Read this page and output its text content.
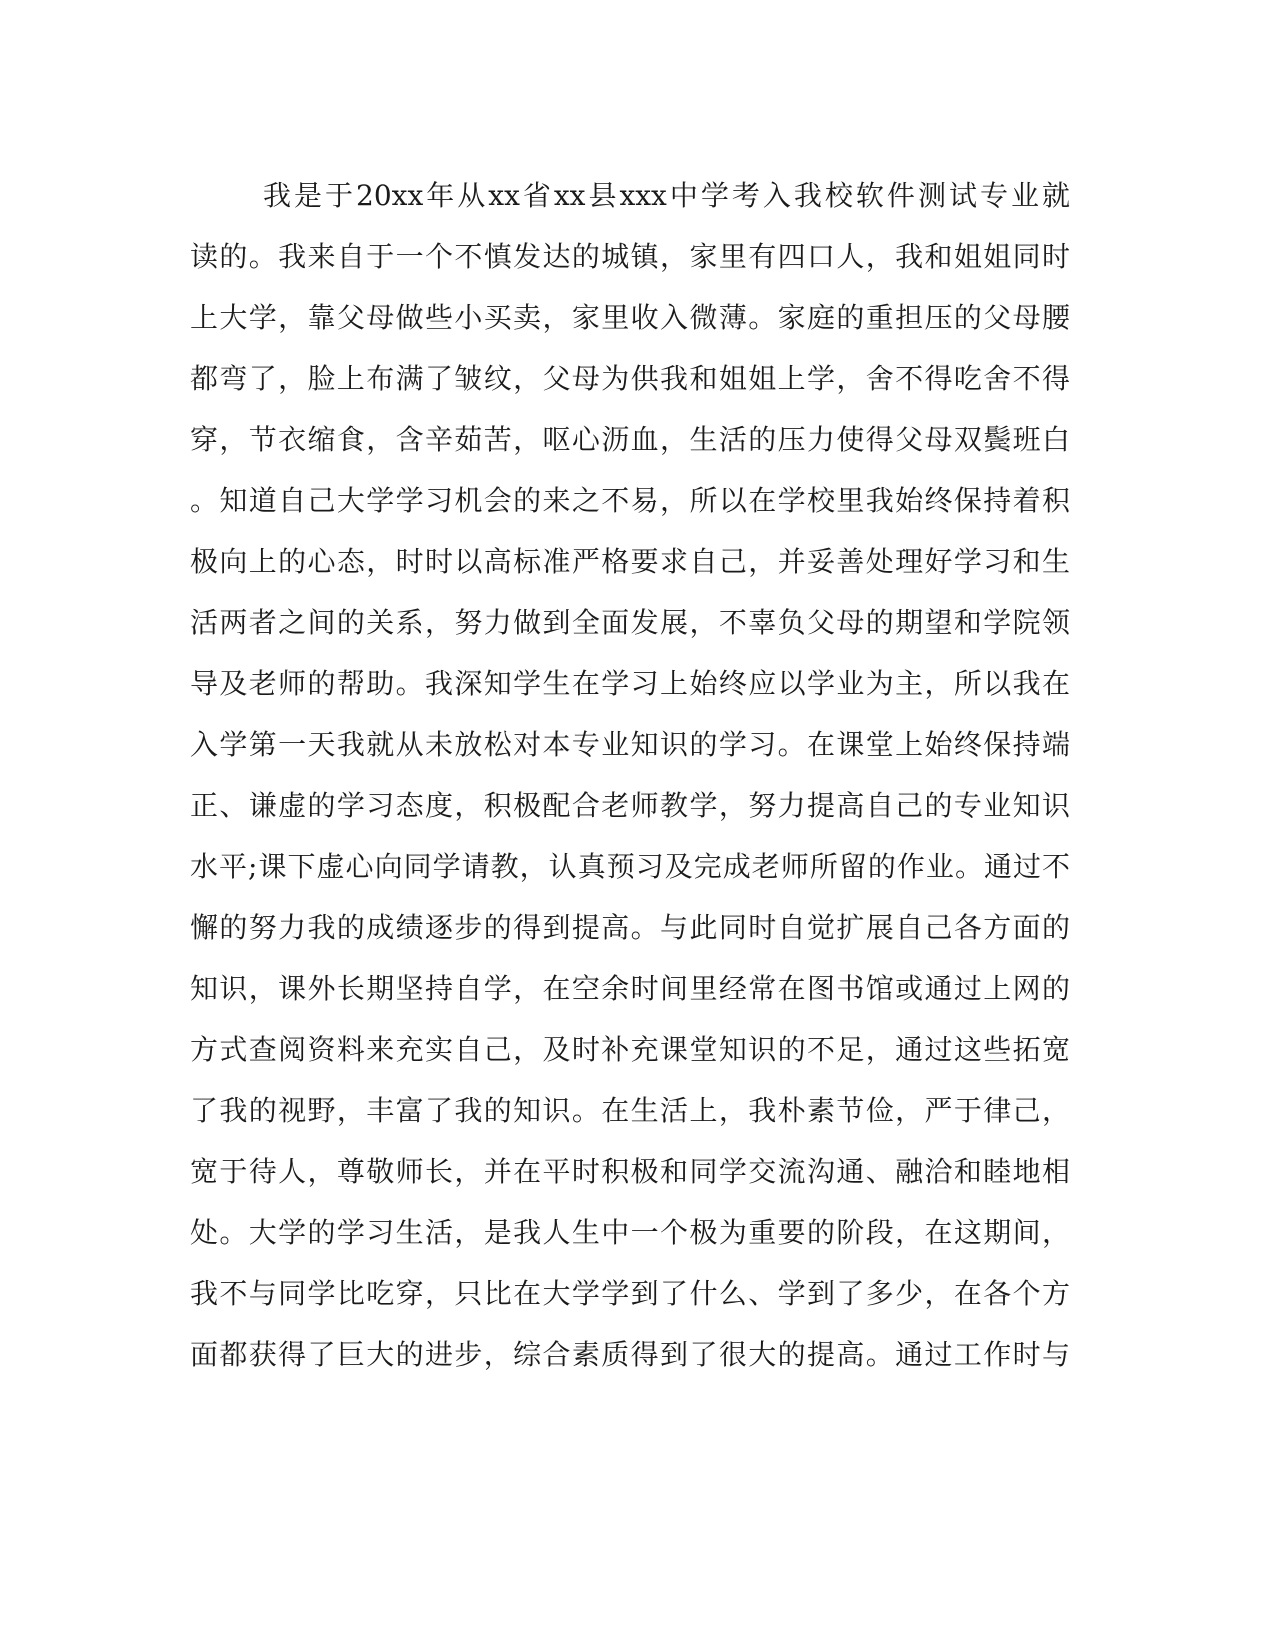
我是于20xx年从xx省xx县xxx中学考入我校软件测试专业就
读的。我来自于一个不慎发达的城镇，家里有四口人，我和姐姐同时
上大学，靠父母做些小买卖，家里收入微薄。家庭的重担压的父母腰
都弯了，脸上布满了皱纹，父母为供我和姐姐上学，舍不得吃舍不得
穿，节衣缩食，含辛茹苦，呕心沥血，生活的压力使得父母双鬓班白
。知道自己大学学习机会的来之不易，所以在学校里我始终保持着积
极向上的心态，时时以高标准严格要求自己，并妥善处理好学习和生
活两者之间的关系，努力做到全面发展，不辜负父母的期望和学院领
导及老师的帮助。我深知学生在学习上始终应以学业为主，所以我在
入学第一天我就从未放松对本专业知识的学习。在课堂上始终保持端
正、谦虚的学习态度，积极配合老师教学，努力提高自己的专业知识
水平;课下虚心向同学请教，认真预习及完成老师所留的作业。通过不
懈的努力我的成绩逐步的得到提高。与此同时自觉扩展自己各方面的
知识，课外长期坚持自学，在空余时间里经常在图书馆或通过上网的
方式查阅资料来充实自己，及时补充课堂知识的不足，通过这些拓宽
了我的视野，丰富了我的知识。在生活上，我朴素节俭，严于律己，
宽于待人，尊敬师长，并在平时积极和同学交流沟通、融洽和睦地相
处。大学的学习生活，是我人生中一个极为重要的阶段，在这期间，
我不与同学比吃穿，只比在大学学到了什么、学到了多少，在各个方
面都获得了巨大的进步，综合素质得到了很大的提高。通过工作时与
